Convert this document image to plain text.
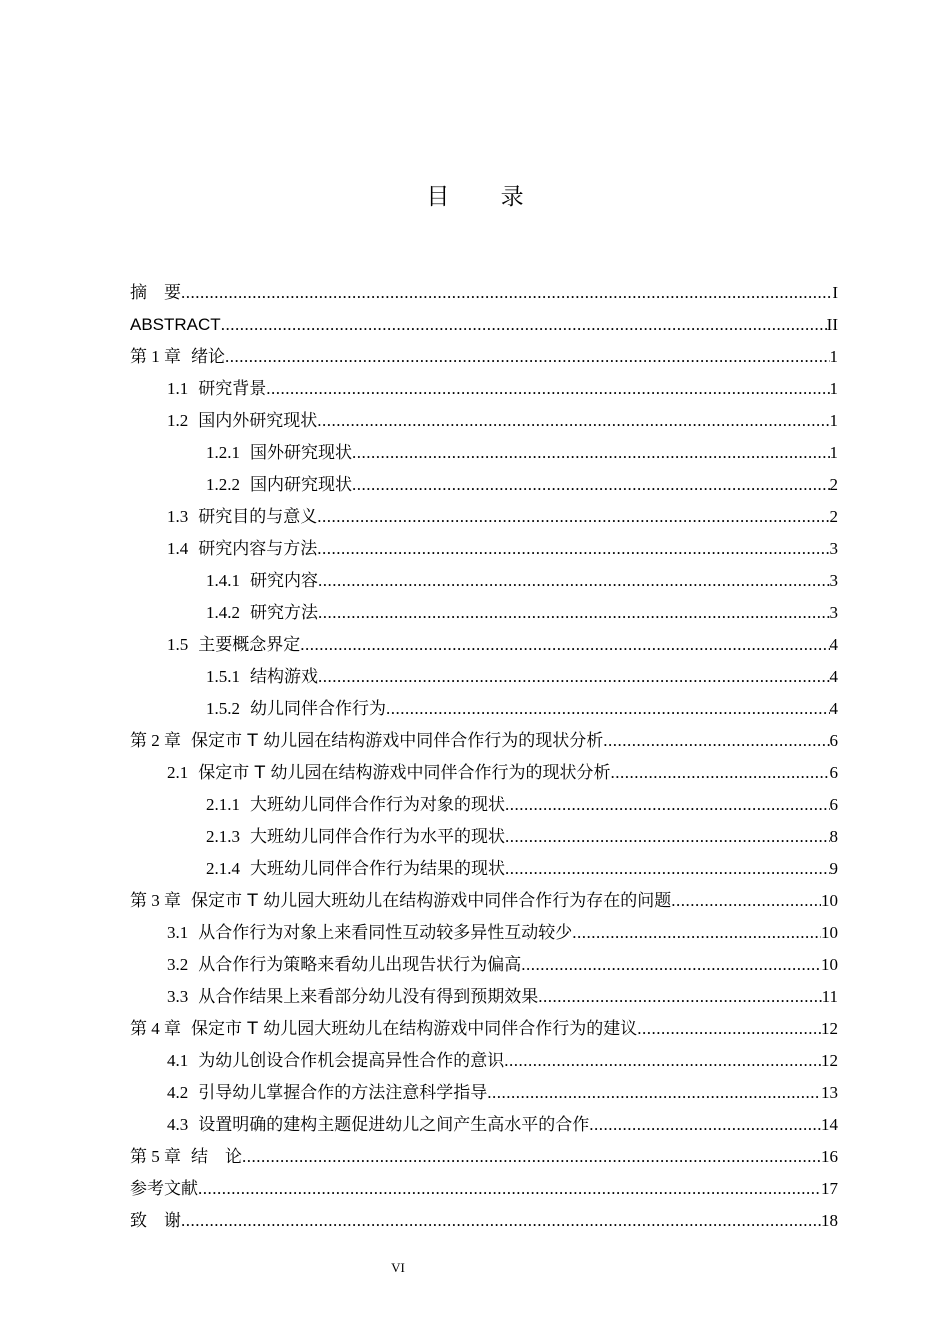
目 录
摘　要 .....	I
ABSTRACT .....	II
第 1 章 绪论 .....	1
1.1 研究背景 .....	1
1.2 国内外研究现状 .....	1
1.2.1 国外研究现状 .....	1
1.2.2 国内研究现状 .....	2
1.3 研究目的与意义 .....	2
1.4 研究内容与方法 .....	3
1.4.1 研究内容 .....	3
1.4.2 研究方法 .....	3
1.5 主要概念界定 .....	4
1.5.1 结构游戏 .....	4
1.5.2 幼儿同伴合作行为 .....	4
第 2 章 保定市 T 幼儿园在结构游戏中同伴合作行为的现状分析 .....	6
2.1 保定市 T 幼儿园在结构游戏中同伴合作行为的现状分析 .....	6
2.1.1 大班幼儿同伴合作行为对象的现状 .....	6
2.1.3 大班幼儿同伴合作行为水平的现状 .....	8
2.1.4 大班幼儿同伴合作行为结果的现状 .....	9
第 3 章 保定市 T 幼儿园大班幼儿在结构游戏中同伴合作行为存在的问题 .....	10
3.1 从合作行为对象上来看同性互动较多异性互动较少 .....	10
3.2 从合作行为策略来看幼儿出现告状行为偏高 .....	10
3.3 从合作结果上来看部分幼儿没有得到预期效果 .....	11
第 4 章 保定市 T 幼儿园大班幼儿在结构游戏中同伴合作行为的建议 .....	12
4.1 为幼儿创设合作机会提高异性合作的意识 .....	12
4.2 引导幼儿掌握合作的方法注意科学指导 .....	13
4.3 设置明确的建构主题促进幼儿之间产生高水平的合作 .....	14
第 5 章 结　论 .....	16
参考文献 .....	17
致　谢 .....	18
VI
